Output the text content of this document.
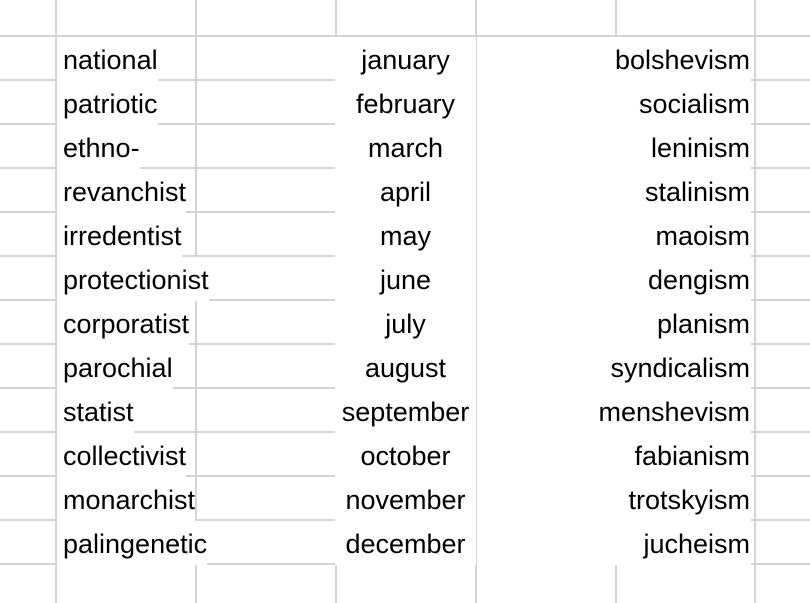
national	january	bolshevism
patriotic	february	socialism
ethno-	march	leninism
revanchist	april	stalinism
irredentist	may	maoism
protectionist	june	dengism
corporatist	july	planism
parochial	august	syndicalism
statist	september	menshevism
collectivist	october	fabianism
monarchist	november	trotskyism
palingenetic	december	jucheism
